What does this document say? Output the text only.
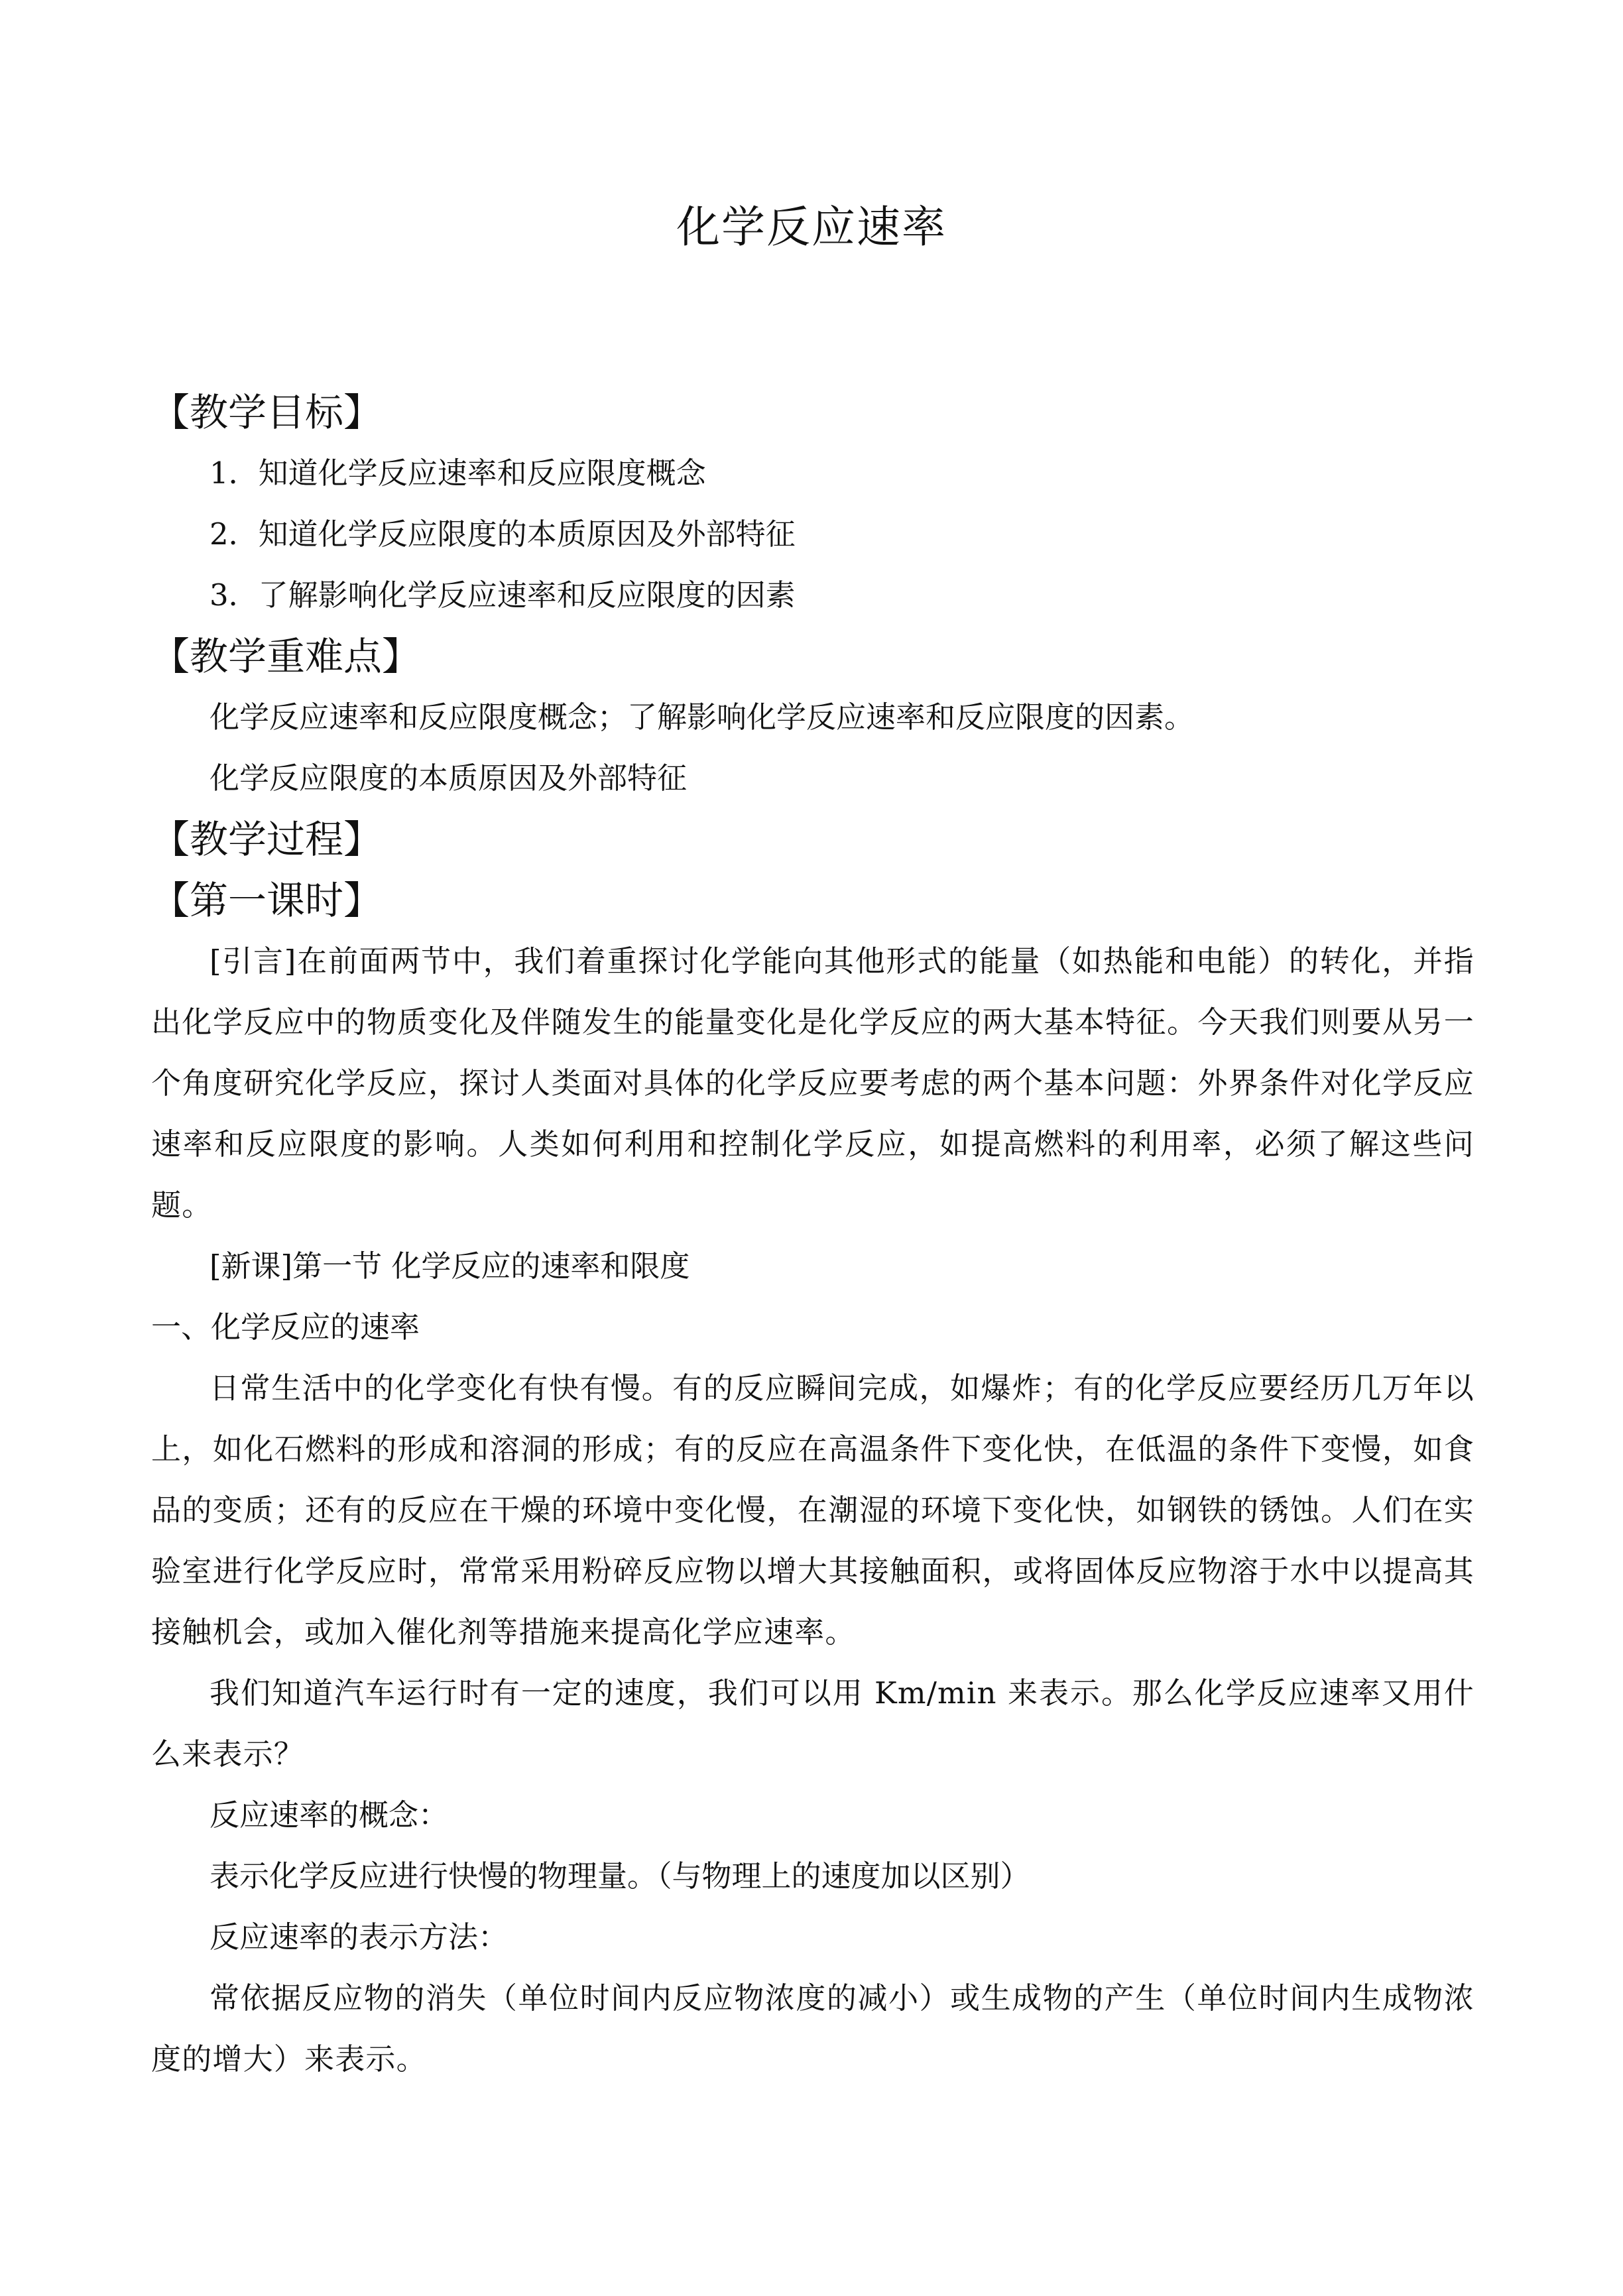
化学反应速率
【教学目标】

1．知道化学反应速率和反应限度概念

2．知道化学反应限度的本质原因及外部特征

3．了解影响化学反应速率和反应限度的因素

【教学重难点】

化学反应速率和反应限度概念；了解影响化学反应速率和反应限度的因素。

化学反应限度的本质原因及外部特征

【教学过程】
【第一课时】

[引言]在前面两节中，我们着重探讨化学能向其他形式的能量（如热能和电能）的转化，并指出化学反应中的物质变化及伴随发生的能量变化是化学反应的两大基本特征。今天我们则要从另一个角度研究化学反应，探讨人类面对具体的化学反应要考虑的两个基本问题：外界条件对化学反应速率和反应限度的影响。人类如何利用和控制化学反应，如提高燃料的利用率，必须了解这些问题。

[新课]第一节 化学反应的速率和限度

一、化学反应的速率

日常生活中的化学变化有快有慢。有的反应瞬间完成，如爆炸；有的化学反应要经历几万年以上，如化石燃料的形成和溶洞的形成；有的反应在高温条件下变化快，在低温的条件下变慢，如食品的变质；还有的反应在干燥的环境中变化慢，在潮湿的环境下变化快，如钢铁的锈蚀。人们在实验室进行化学反应时，常常采用粉碎反应物以增大其接触面积，或将固体反应物溶于水中以提高其接触机会，或加入催化剂等措施来提高化学应速率。

我们知道汽车运行时有一定的速度，我们可以用 Km/min 来表示。那么化学反应速率又用什么来表示？

反应速率的概念：

表示化学反应进行快慢的物理量。（与物理上的速度加以区别）

反应速率的表示方法：

常依据反应物的消失（单位时间内反应物浓度的减小）或生成物的产生（单位时间内生成物浓度的增大）来表示。
